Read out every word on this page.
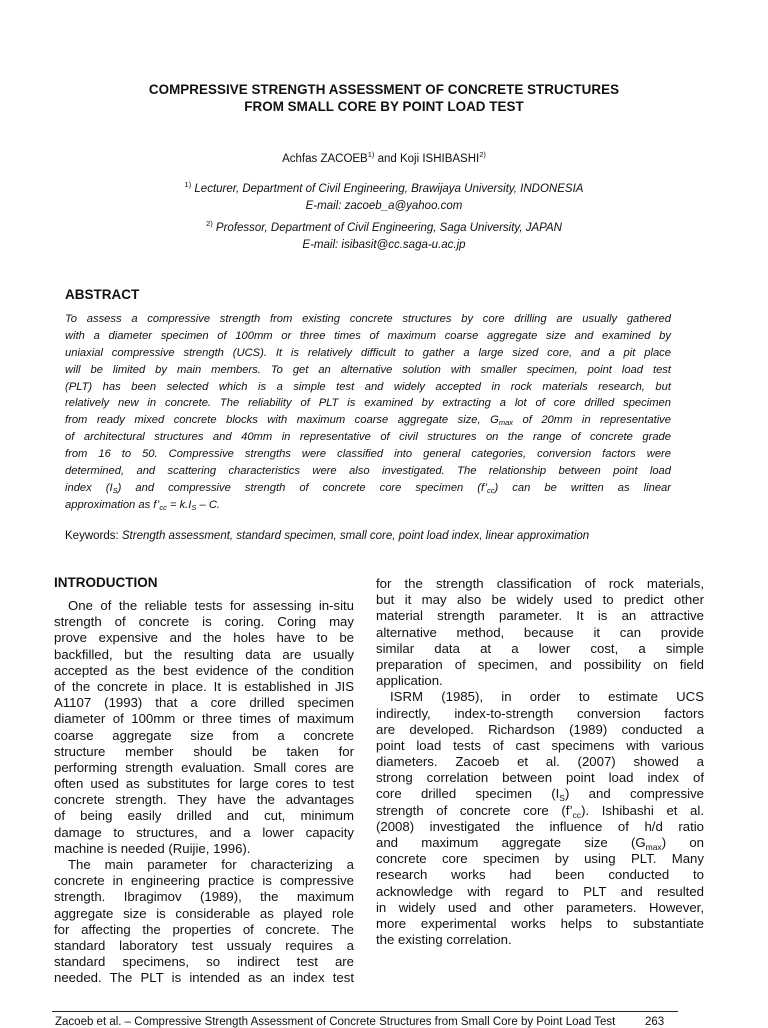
COMPRESSIVE STRENGTH ASSESSMENT OF CONCRETE STRUCTURES
FROM SMALL CORE BY POINT LOAD TEST
Achfas ZACOEB$^{1)}$ and Koji ISHIBASHI$^{2)}$
$^{1)}$ Lecturer, Department of Civil Engineering, Brawijaya University, INDONESIA
E-mail: zacoeb_a@yahoo.com
$^{2)}$ Professor, Department of Civil Engineering, Saga University, JAPAN
E-mail: isibasit@cc.saga-u.ac.jp
ABSTRACT
To assess a compressive strength from existing concrete structures by core drilling are usually gathered
with a diameter specimen of 100mm or three times of maximum coarse aggregate size and examined by
uniaxial compressive strength (UCS). It is relatively difficult to gather a large sized core, and a pit place
will be limited by main members. To get an alternative solution with smaller specimen, point load test
(PLT) has been selected which is a simple test and widely accepted in rock materials research, but
relatively new in concrete. The reliability of PLT is examined by extracting a lot of core drilled specimen
from ready mixed concrete blocks with maximum coarse aggregate size, $G_{max}$ of 20mm in representative
of architectural structures and 40mm in representative of civil structures on the range of concrete grade
from 16 to 50. Compressive strengths were classified into general categories, conversion factors were
determined, and scattering characteristics were also investigated. The relationship between point load
index $(I_S)$ and compressive strength of concrete core specimen $(f’_{cc})$ can be written as linear
approximation as $f’_{cc} = k.I_S - C$.
Keywords: Strength assessment, standard specimen, small core, point load index, linear approximation
INTRODUCTION
One of the reliable tests for assessing in-situ
strength of concrete is coring. Coring may
prove expensive and the holes have to be
backfilled, but the resulting data are usually
accepted as the best evidence of the condition
of the concrete in place. It is established in JIS
A1107 (1993) that a core drilled specimen
diameter of 100mm or three times of maximum
coarse aggregate size from a concrete
structure member should be taken for
performing strength evaluation. Small cores are
often used as substitutes for large cores to test
concrete strength. They have the advantages
of being easily drilled and cut, minimum
damage to structures, and a lower capacity
machine is needed (Ruijie, 1996).
The main parameter for characterizing a
concrete in engineering practice is compressive
strength. Ibragimov (1989), the maximum
aggregate size is considerable as played role
for affecting the properties of concrete. The
standard laboratory test ussualy requires a
standard specimens, so indirect test are
needed. The PLT is intended as an index test
for the strength classification of rock materials,
but it may also be widely used to predict other
material strength parameter. It is an attractive
alternative method, because it can provide
similar data at a lower cost, a simple
preparation of specimen, and possibility on field
application.
ISRM (1985), in order to estimate UCS
indirectly, index-to-strength conversion factors
are developed. Richardson (1989) conducted a
point load tests of cast specimens with various
diameters. Zacoeb et al. (2007) showed a
strong correlation between point load index of
core drilled specimen $(I_S)$ and compressive
strength of concrete core $(f’_{cc})$. Ishibashi et al.
(2008) investigated the influence of h/d ratio
and maximum aggregate size $(G_{max})$ on
concrete core specimen by using PLT. Many
research works had been conducted to
acknowledge with regard to PLT and resulted
in widely used and other parameters. However,
more experimental works helps to substantiate
the existing correlation.
Zacoeb et al. – Compressive Strength Assessment of Concrete Structures from Small Core by Point Load Test	263
